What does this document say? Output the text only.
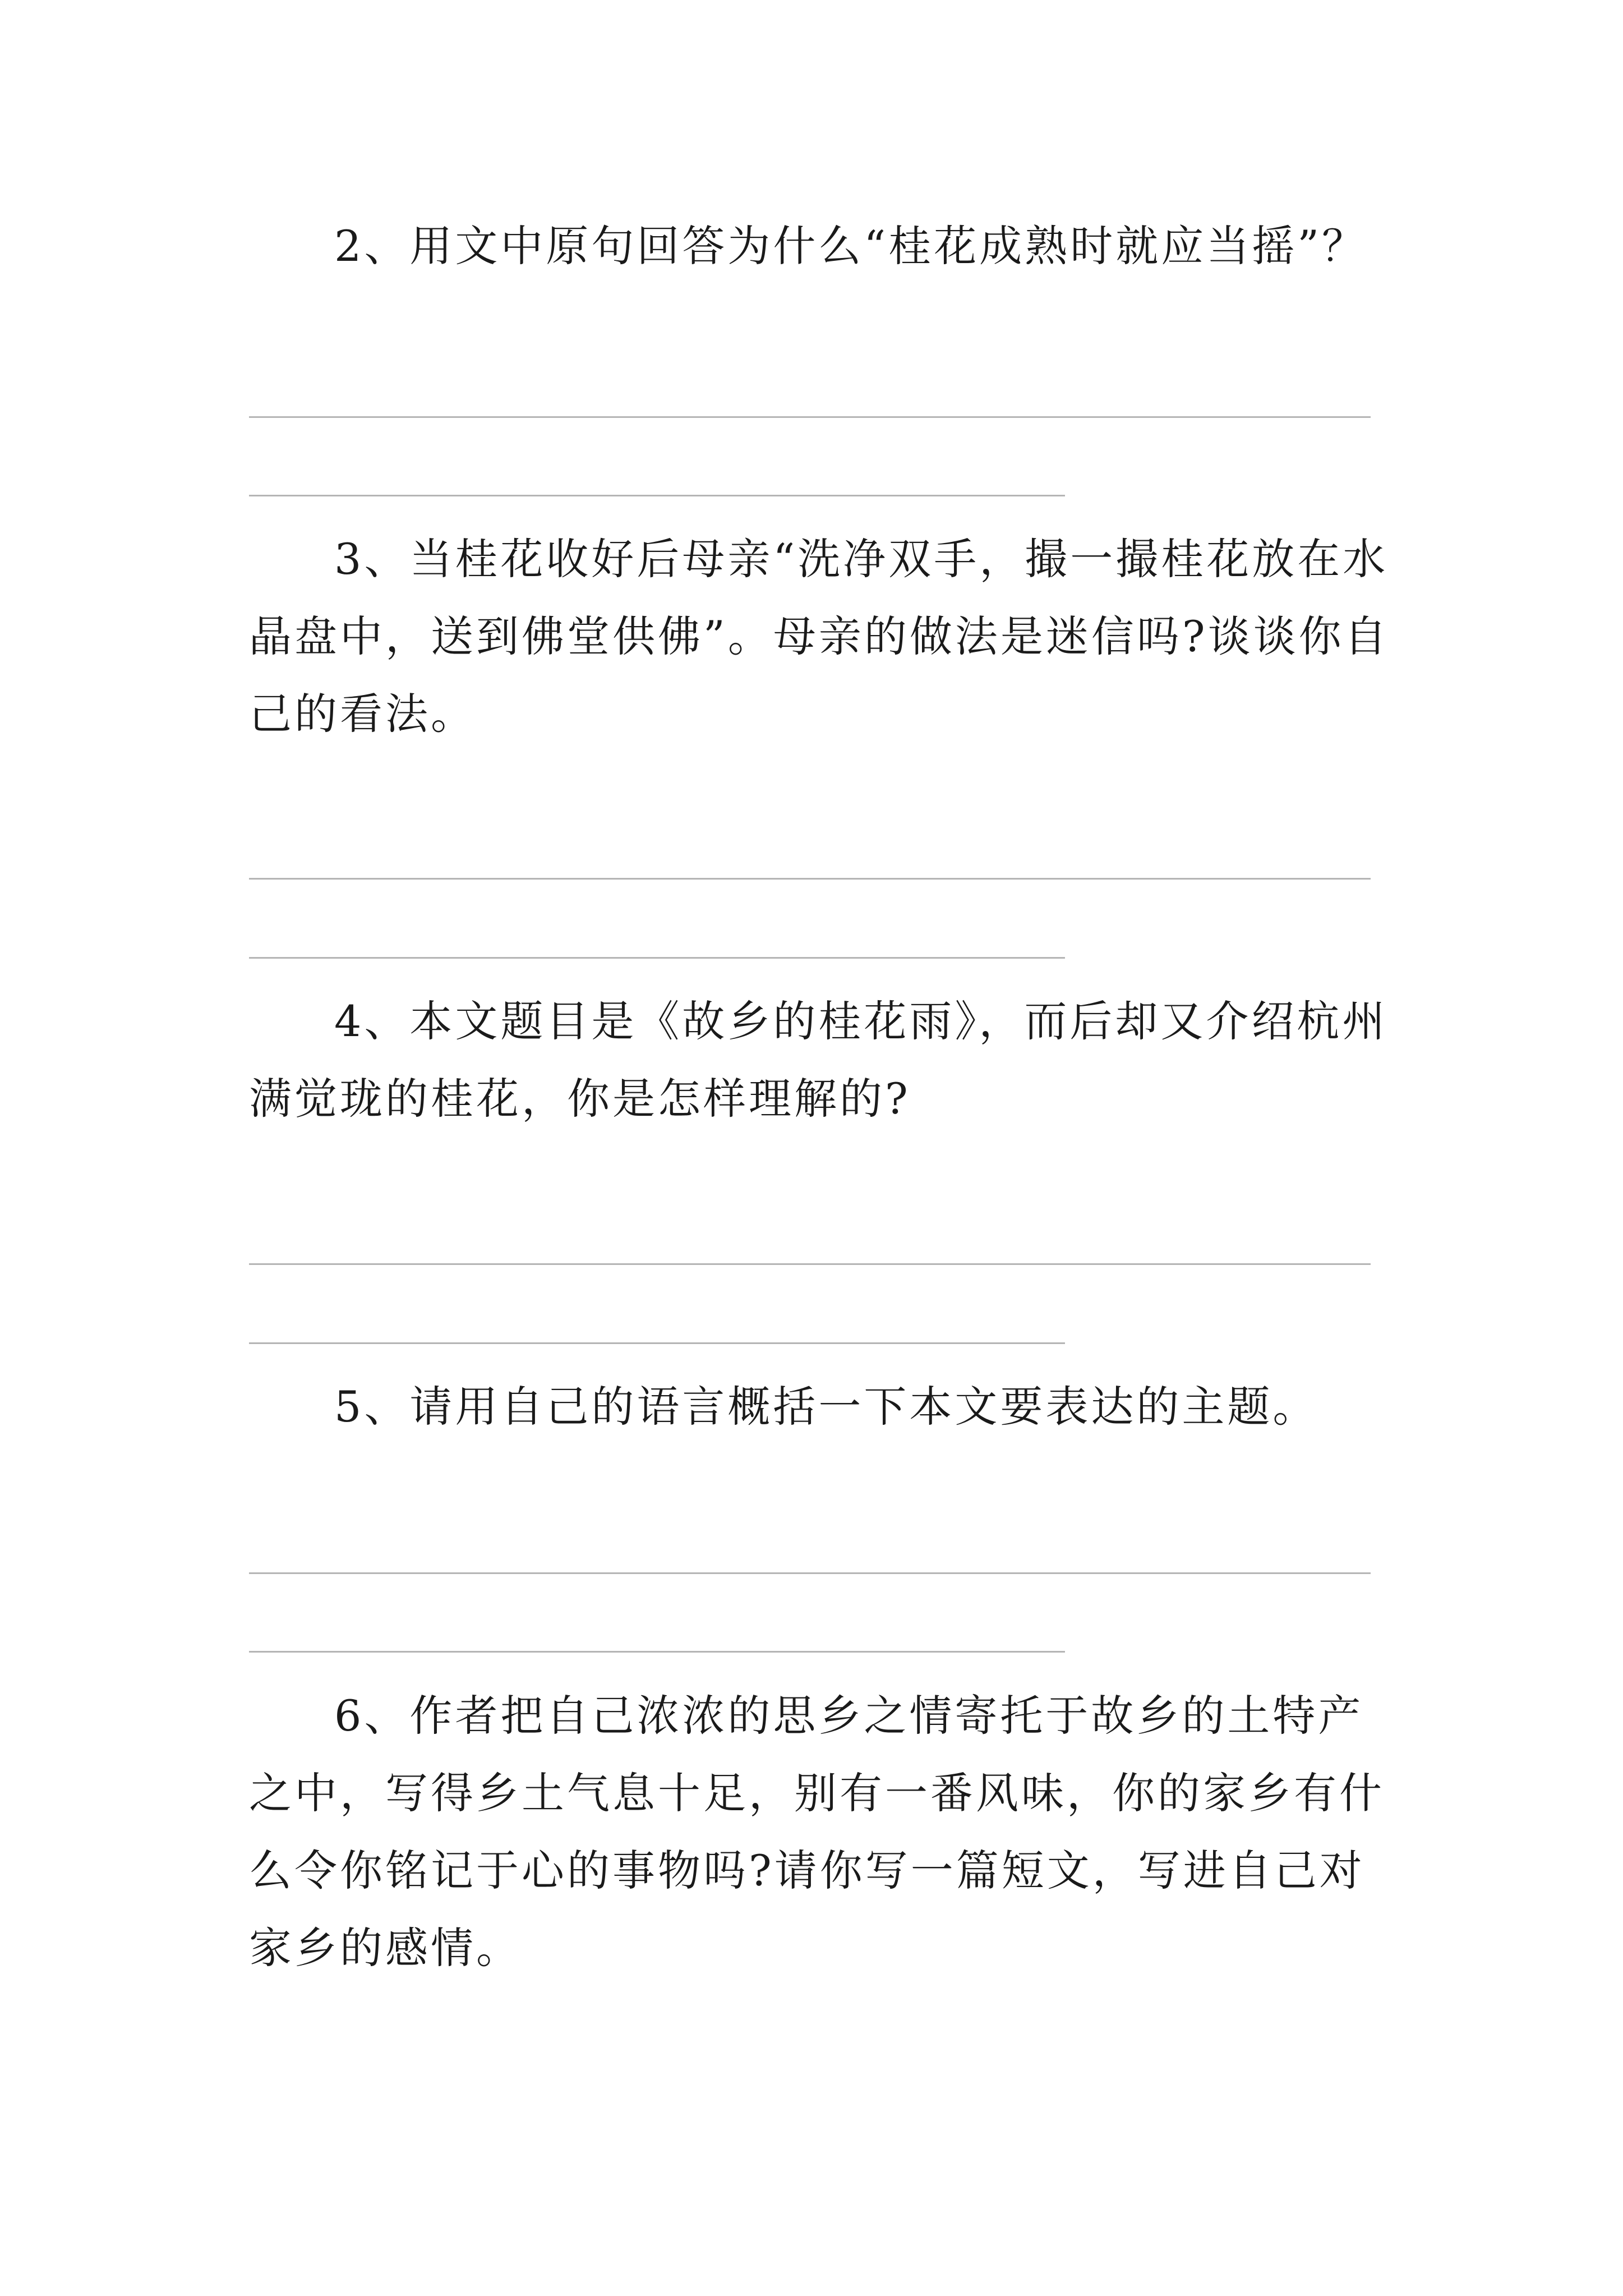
2、用文中原句回答为什么“桂花成熟时就应当摇”？

3、当桂花收好后母亲“洗净双手，撮一撮桂花放在水晶盘中，送到佛堂供佛”。母亲的做法是迷信吗?谈谈你自己的看法。

4、本文题目是《故乡的桂花雨》，而后却又介绍杭州满觉珑的桂花，你是怎样理解的?

5、请用自己的语言概括一下本文要表达的主题。

6、作者把自己浓浓的思乡之情寄托于故乡的土特产之中，写得乡土气息十足，别有一番风味，你的家乡有什么令你铭记于心的事物吗?请你写一篇短文，写进自己对家乡的感情。
